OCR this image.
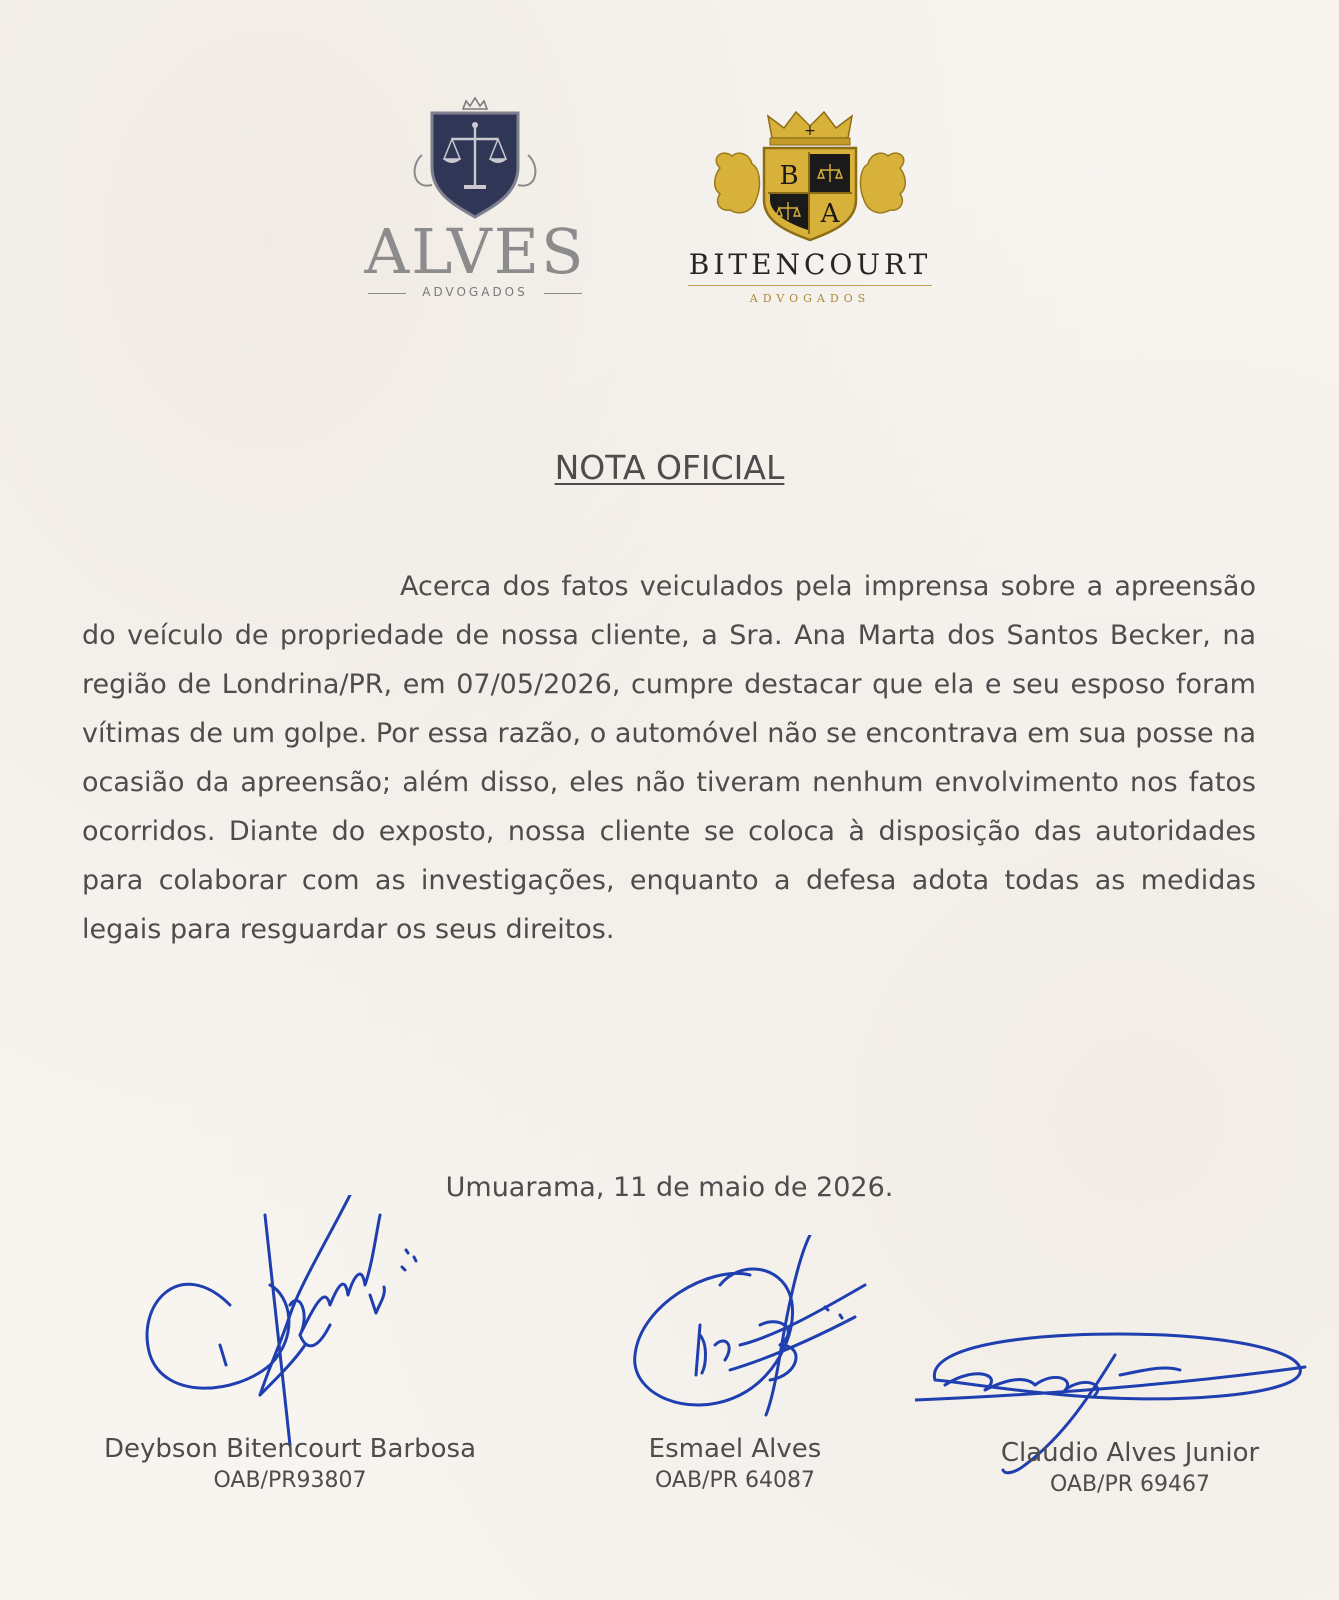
ALVES
ADVOGADOS
+
B
A
BITENCOURT
ADVOGADOS
NOTA OFICIAL

Acerca dos fatos veiculados pela imprensa sobre a apreensão do veículo de propriedade de nossa cliente, a Sra. Ana Marta dos Santos Becker, na região de Londrina/PR, em 07/05/2026, cumpre destacar que ela e seu esposo foram vítimas de um golpe. Por essa razão, o automóvel não se encontrava em sua posse na ocasião da apreensão; além disso, eles não tiveram nenhum envolvimento nos fatos ocorridos. Diante do exposto, nossa cliente se coloca à disposição das autoridades para colaborar com as investigações, enquanto a defesa adota todas as medidas legais para resguardar os seus direitos.

Umuarama, 11 de maio de 2026.
Deybson Bitencourt Barbosa
OAB/PR93807
Esmael Alves
OAB/PR 64087
Claudio Alves Junior
OAB/PR 69467
